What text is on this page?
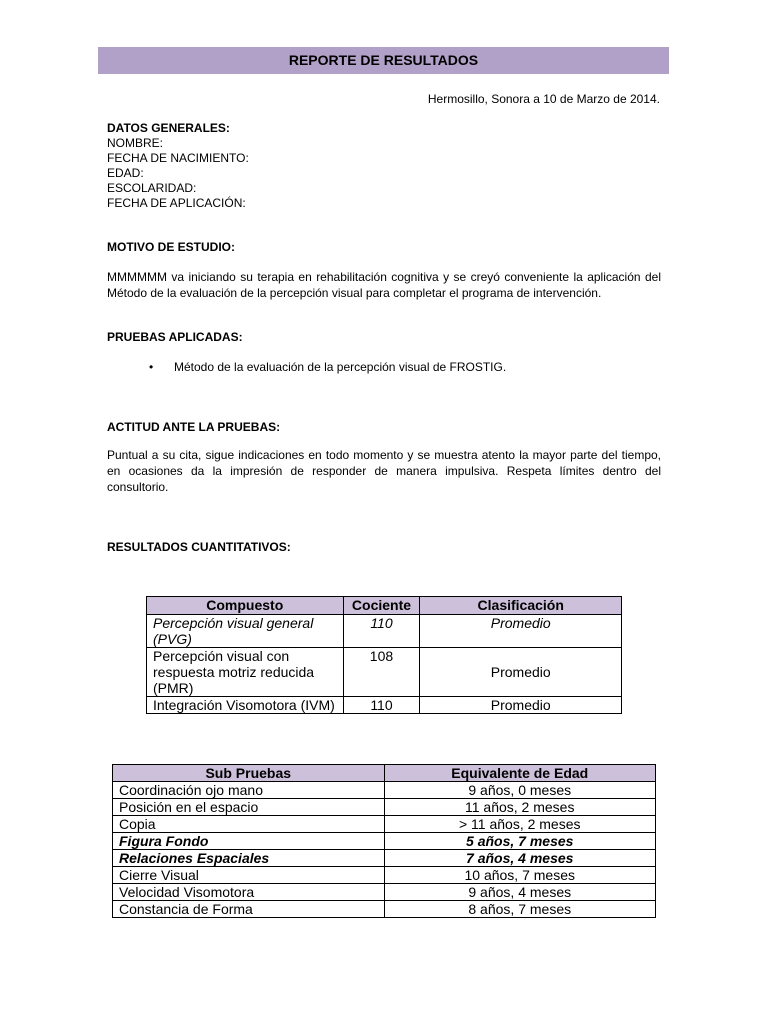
REPORTE DE RESULTADOS
Hermosillo, Sonora a 10 de Marzo de 2014.
DATOS GENERALES:
NOMBRE:
FECHA DE NACIMIENTO:
EDAD:
ESCOLARIDAD:
FECHA DE APLICACIÓN:
MOTIVO DE ESTUDIO:
MMMMMM va iniciando su terapia en rehabilitación cognitiva y se creyó conveniente la aplicación del Método de la evaluación de la percepción visual para completar el programa de intervención.
PRUEBAS APLICADAS:
• Método de la evaluación de la percepción visual de FROSTIG.
ACTITUD ANTE LA PRUEBAS:
Puntual a su cita, sigue indicaciones en todo momento y se muestra atento la mayor parte del tiempo, en ocasiones da la impresión de responder de manera impulsiva. Respeta límites dentro del consultorio.
RESULTADOS CUANTITATIVOS:
Compuesto	Cociente	Clasificación
Percepción visual general (PVG)	110	Promedio
Percepción visual con respuesta motriz reducida (PMR)	108	Promedio
Integración Visomotora (IVM)	110	Promedio
Sub Pruebas	Equivalente de Edad
Coordinación ojo mano	9 años, 0 meses
Posición en el espacio	11 años, 2 meses
Copia	> 11 años, 2 meses
Figura Fondo	5 años, 7 meses
Relaciones Espaciales	7 años, 4 meses
Cierre Visual	10 años, 7 meses
Velocidad Visomotora	9 años, 4 meses
Constancia de Forma	8 años, 7 meses
